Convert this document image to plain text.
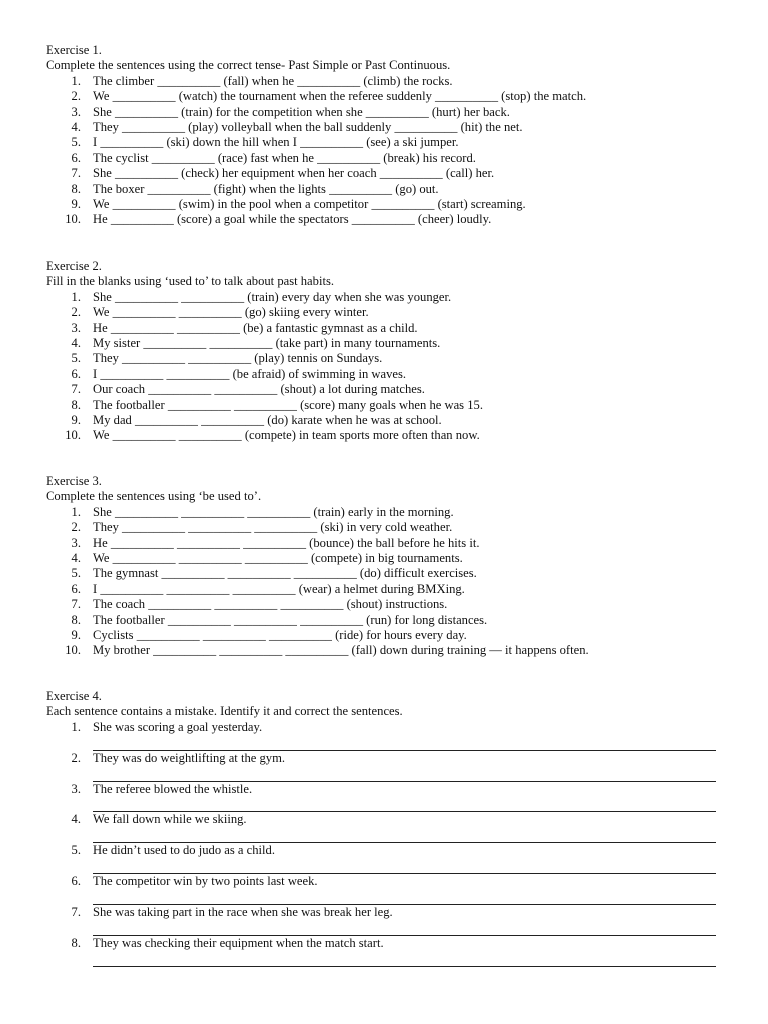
Exercise 1.
Complete the sentences using the correct tense- Past Simple or Past Continuous.
1. The climber __________ (fall) when he __________ (climb) the rocks.
2. We __________ (watch) the tournament when the referee suddenly __________ (stop) the match.
3. She __________ (train) for the competition when she __________ (hurt) her back.
4. They __________ (play) volleyball when the ball suddenly __________ (hit) the net.
5. I __________ (ski) down the hill when I __________ (see) a ski jumper.
6. The cyclist __________ (race) fast when he __________ (break) his record.
7. She __________ (check) her equipment when her coach __________ (call) her.
8. The boxer __________ (fight) when the lights __________ (go) out.
9. We __________ (swim) in the pool when a competitor __________ (start) screaming.
10. He __________ (score) a goal while the spectators __________ (cheer) loudly.
Exercise 2.
Fill in the blanks using ‘used to’ to talk about past habits.
1. She __________ __________ (train) every day when she was younger.
2. We __________ __________ (go) skiing every winter.
3. He __________ __________ (be) a fantastic gymnast as a child.
4. My sister __________ __________ (take part) in many tournaments.
5. They __________ __________ (play) tennis on Sundays.
6. I __________ __________ (be afraid) of swimming in waves.
7. Our coach __________ __________ (shout) a lot during matches.
8. The footballer __________ __________ (score) many goals when he was 15.
9. My dad __________ __________ (do) karate when he was at school.
10. We __________ __________ (compete) in team sports more often than now.
Exercise 3.
Complete the sentences using ‘be used to’.
1. She __________ __________ __________ (train) early in the morning.
2. They __________ __________ __________ (ski) in very cold weather.
3. He __________ __________ __________ (bounce) the ball before he hits it.
4. We __________ __________ __________ (compete) in big tournaments.
5. The gymnast __________ __________ __________ (do) difficult exercises.
6. I __________ __________ __________ (wear) a helmet during BMXing.
7. The coach __________ __________ __________ (shout) instructions.
8. The footballer __________ __________ __________ (run) for long distances.
9. Cyclists __________ __________ __________ (ride) for hours every day.
10. My brother __________ __________ __________ (fall) down during training — it happens often.
Exercise 4.
Each sentence contains a mistake. Identify it and correct the sentences.
1. She was scoring a goal yesterday.
2. They was do weightlifting at the gym.
3. The referee blowed the whistle.
4. We fall down while we skiing.
5. He didn’t used to do judo as a child.
6. The competitor win by two points last week.
7. She was taking part in the race when she was break her leg.
8. They was checking their equipment when the match start.
